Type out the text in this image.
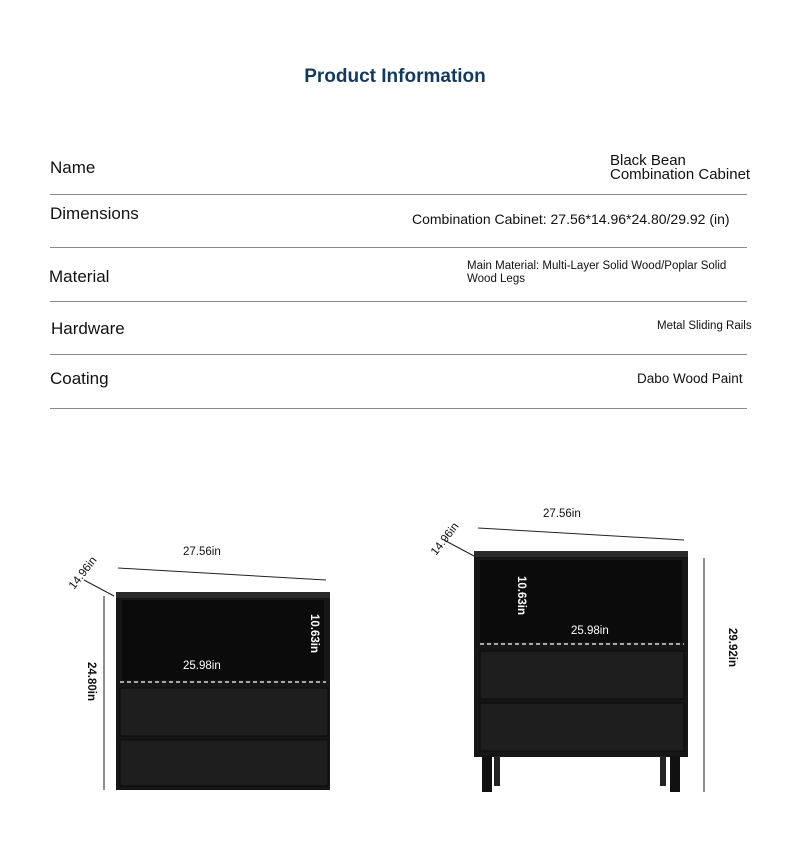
Product Information
Name	Black Bean
Combination Cabinet
Dimensions	Combination Cabinet: 27.56*14.96*24.80/29.92 (in)
Material
Main Material: Multi-Layer Solid Wood/Poplar Solid
Wood Legs
Hardware	Metal Sliding Rails
Coating	Dabo Wood Paint
27.56in
14.96in
24.80in	25.98in
10.63in
27.56in
14.96in
29.92in
25.98in
10.63in
